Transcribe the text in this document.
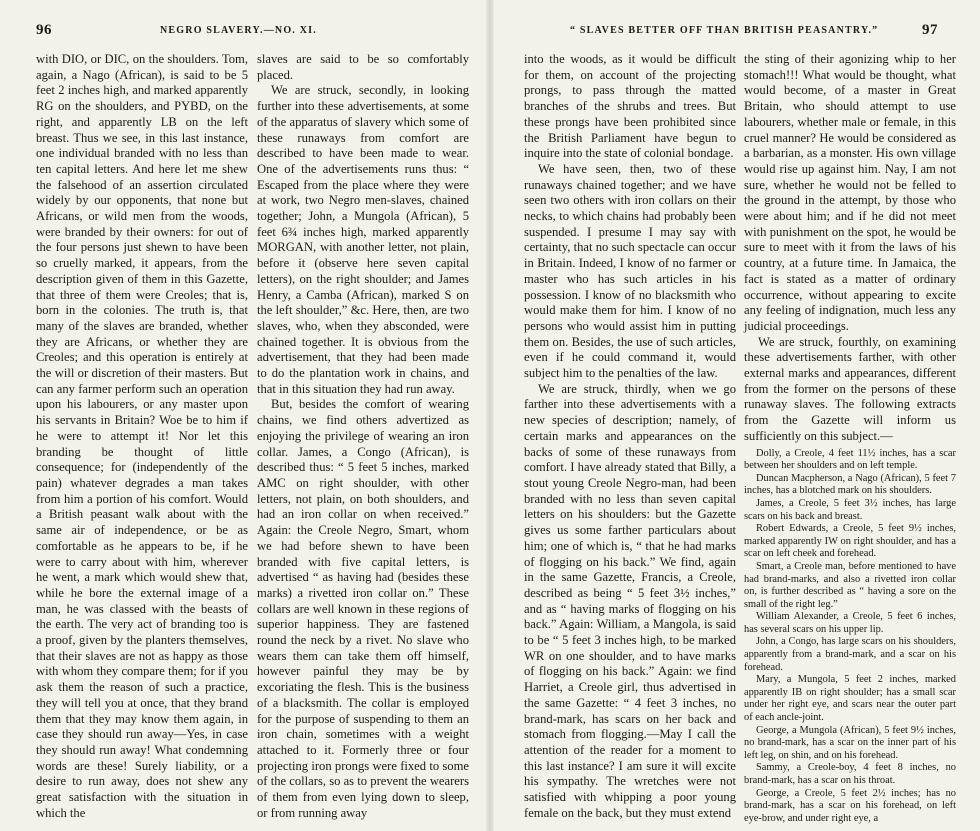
96	NEGRO SLAVERY.—NO. XI.

with DIO, or DIC, on the shoulders. Tom, again, a Nago (African), is said to be 5 feet 2 inches high, and marked apparently RG on the shoulders, and PYBD, on the right, and apparently LB on the left breast. Thus we see, in this last instance, one individual branded with no less than ten capital letters. And here let me shew the falsehood of an assertion circulated widely by our opponents, that none but Africans, or wild men from the woods, were branded by their owners: for out of the four persons just shewn to have been so cruelly marked, it appears, from the description given of them in this Gazette, that three of them were Creoles; that is, born in the colonies. The truth is, that many of the slaves are branded, whether they are Africans, or whether they are Creoles; and this operation is entirely at the will or discretion of their masters. But can any farmer perform such an operation upon his labourers, or any master upon his servants in Britain? Woe be to him if he were to attempt it! Nor let this branding be thought of little consequence; for (independently of the pain) whatever degrades a man takes from him a portion of his comfort. Would a British peasant walk about with the same air of independence, or be as comfortable as he appears to be, if he were to carry about with him, wherever he went, a mark which would shew that, while he bore the external image of a man, he was classed with the beasts of the earth. The very act of branding too is a proof, given by the planters themselves, that their slaves are not as happy as those with whom they compare them; for if you ask them the reason of such a practice, they will tell you at once, that they brand them that they may know them again, in case they should run away—Yes, in case they should run away! What condemning words are these! Surely liability, or a desire to run away, does not shew any great satisfaction with the situation in which the

slaves are said to be so comfortably placed.

We are struck, secondly, in looking further into these advertisements, at some of the apparatus of slavery which some of these runaways from comfort are described to have been made to wear. One of the advertisements runs thus: “ Escaped from the place where they were at work, two Negro men-slaves, chained together; John, a Mungola (African), 5 feet 6¾ inches high, marked apparently MORGAN, with another letter, not plain, before it (observe here seven capital letters), on the right shoulder; and James Henry, a Camba (African), marked S on the left shoulder,” &c. Here, then, are two slaves, who, when they absconded, were chained together. It is obvious from the advertisement, that they had been made to do the plantation work in chains, and that in this situation they had run away.

But, besides the comfort of wearing chains, we find others advertized as enjoying the privilege of wearing an iron collar. James, a Congo (African), is described thus: “ 5 feet 5 inches, marked AMC on right shoulder, with other letters, not plain, on both shoulders, and had an iron collar on when received.” Again: the Creole Negro, Smart, whom we had before shewn to have been branded with five capital letters, is advertised “ as having had (besides these marks) a rivetted iron collar on.” These collars are well known in these regions of superior happiness. They are fastened round the neck by a rivet. No slave who wears them can take them off himself, however painful they may be by excoriating the flesh. This is the business of a blacksmith. The collar is employed for the purpose of suspending to them an iron chain, sometimes with a weight attached to it. Formerly three or four projecting iron prongs were fixed to some of the collars, so as to prevent the wearers of them from even lying down to sleep, or from running away

“ SLAVES BETTER OFF THAN BRITISH PEASANTRY.”	97

into the woods, as it would be difficult for them, on account of the projecting prongs, to pass through the matted branches of the shrubs and trees. But these prongs have been prohibited since the British Parliament have begun to inquire into the state of colonial bondage.

We have seen, then, two of these runaways chained together; and we have seen two others with iron collars on their necks, to which chains had probably been suspended. I presume I may say with certainty, that no such spectacle can occur in Britain. Indeed, I know of no farmer or master who has such articles in his possession. I know of no blacksmith who would make them for him. I know of no persons who would assist him in putting them on. Besides, the use of such articles, even if he could command it, would subject him to the penalties of the law.

We are struck, thirdly, when we go farther into these advertisements with a new species of description; namely, of certain marks and appearances on the backs of some of these runaways from comfort. I have already stated that Billy, a stout young Creole Negro-man, had been branded with no less than seven capital letters on his shoulders: but the Gazette gives us some farther particulars about him; one of which is, “ that he had marks of flogging on his back.” We find, again in the same Gazette, Francis, a Creole, described as being “ 5 feet 3½ inches,” and as “ having marks of flogging on his back.” Again: William, a Mangola, is said to be “ 5 feet 3 inches high, to be marked WR on one shoulder, and to have marks of flogging on his back.” Again: we find Harriet, a Creole girl, thus advertised in the same Gazette: “ 4 feet 3 inches, no brand-mark, has scars on her back and stomach from flogging.—May I call the attention of the reader for a moment to this last instance? I am sure it will excite his sympathy. The wretches were not satisfied with whipping a poor young female on the back, but they must extend

the sting of their agonizing whip to her stomach!!! What would be thought, what would become, of a master in Great Britain, who should attempt to use labourers, whether male or female, in this cruel manner? He would be considered as a barbarian, as a monster. His own village would rise up against him. Nay, I am not sure, whether he would not be felled to the ground in the attempt, by those who were about him; and if he did not meet with punishment on the spot, he would be sure to meet with it from the laws of his country, at a future time. In Jamaica, the fact is stated as a matter of ordinary occurrence, without appearing to excite any feeling of indignation, much less any judicial proceedings.

We are struck, fourthly, on examining these advertisements farther, with other external marks and appearances, different from the former on the persons of these runaway slaves. The following extracts from the Gazette will inform us sufficiently on this subject.—

Dolly, a Creole, 4 feet 11½ inches, has a scar between her shoulders and on left temple.

Duncan Macpherson, a Nago (African), 5 feet 7 inches, has a blotched mark on his shoulders.

James, a Creole, 5 feet 3½ inches, has large scars on his back and breast.

Robert Edwards, a Creole, 5 feet 9½ inches, marked apparently IW on right shoulder, and has a scar on left cheek and forehead.

Smart, a Creole man, before mentioned to have had brand-marks, and also a rivetted iron collar on, is further described as “ having a sore on the small of the right leg.”

William Alexander, a Creole, 5 feet 6 inches, has several scars on his upper lip.

John, a Congo, has large scars on his shoulders, apparently from a brand-mark, and a scar on his forehead.

Mary, a Mungola, 5 feet 2 inches, marked apparently IB on right shoulder; has a small scar under her right eye, and scars near the outer part of each ancle-joint.

George, a Mungola (African), 5 feet 9½ inches, no brand-mark, has a scar on the inner part of his left leg, on shin, and on his forehead.

Sammy, a Creole-boy, 4 feet 8 inches, no brand-mark, has a scar on his throat.

George, a Creole, 5 feet 2½ inches; has no brand-mark, has a scar on his forehead, on left eye-brow, and under right eye, a
